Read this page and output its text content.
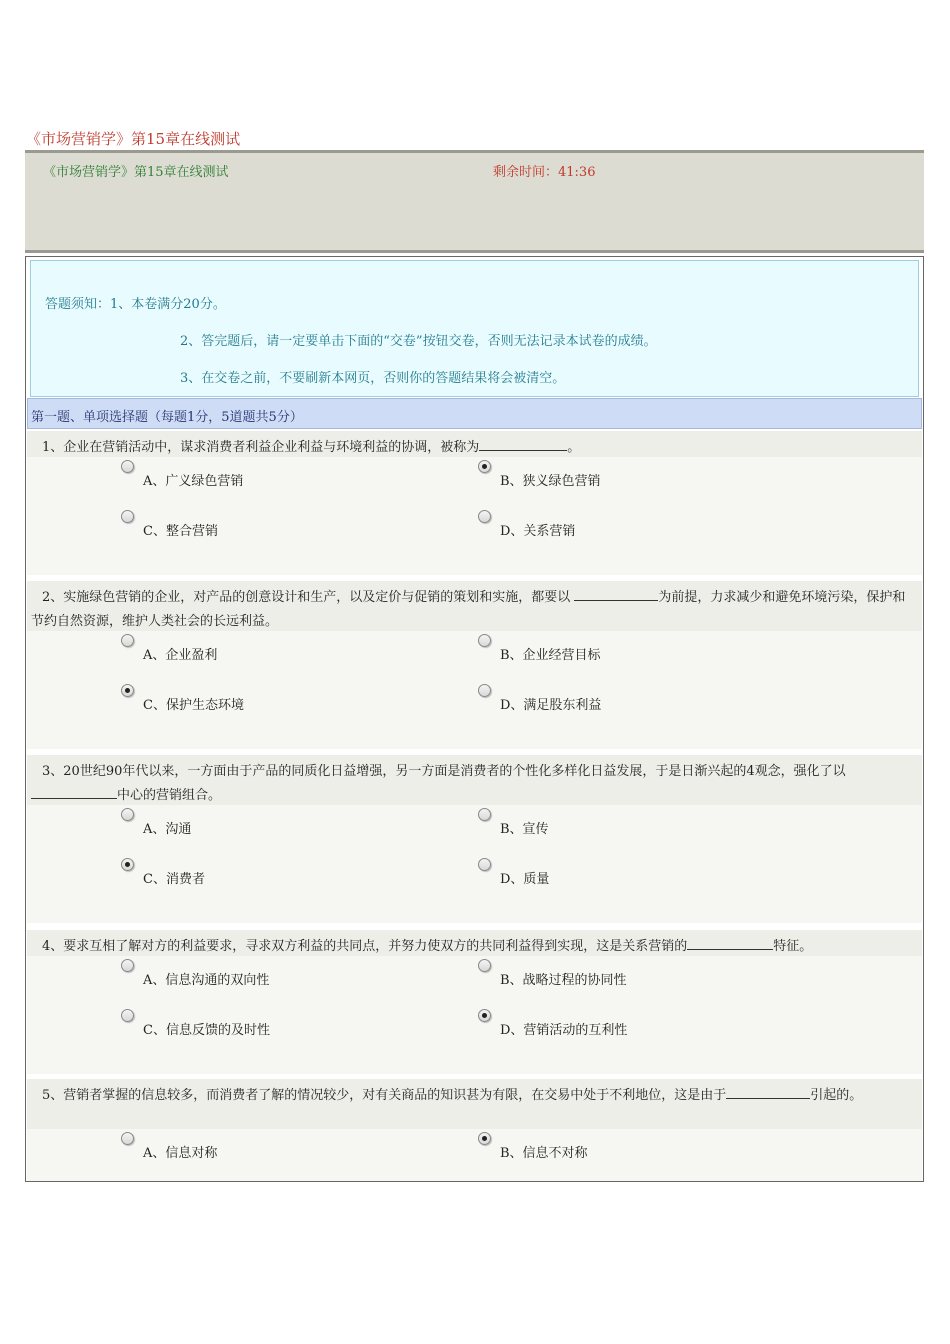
《市场营销学》第15章在线测试
《市场营销学》第15章在线测试	剩余时间：41:36
答题须知：1、本卷满分20分。
2、答完题后，请一定要单击下面的“交卷”按钮交卷，否则无法记录本试卷的成绩。
3、在交卷之前，不要刷新本网页，否则你的答题结果将会被清空。
第一题、单项选择题（每题1分，5道题共5分）
1、企业在营销活动中，谋求消费者利益企业利益与环境利益的协调，被称为	。
A、广义绿色营销	B、狭义绿色营销
C、整合营销	D、关系营销
2、实施绿色营销的企业，对产品的创意设计和生产，以及定价与促销的策划和实施，都要以	为前提，力求减少和避免环境污染，保护和节约自然资源，维护人类社会的长远利益。
A、企业盈利	B、企业经营目标
C、保护生态环境	D、满足股东利益
3、20世纪90年代以来，一方面由于产品的同质化日益增强，另一方面是消费者的个性化多样化日益发展，于是日渐兴起的4观念，强化了以中心的营销组合。
A、沟通	B、宣传
C、消费者	D、质量
4、要求互相了解对方的利益要求，寻求双方利益的共同点，并努力使双方的共同利益得到实现，这是关系营销的	特征。
A、信息沟通的双向性	B、战略过程的协同性
C、信息反馈的及时性	D、营销活动的互利性
5、营销者掌握的信息较多，而消费者了解的情况较少，对有关商品的知识甚为有限，在交易中处于不利地位，这是由于	引起的。
A、信息对称	B、信息不对称
